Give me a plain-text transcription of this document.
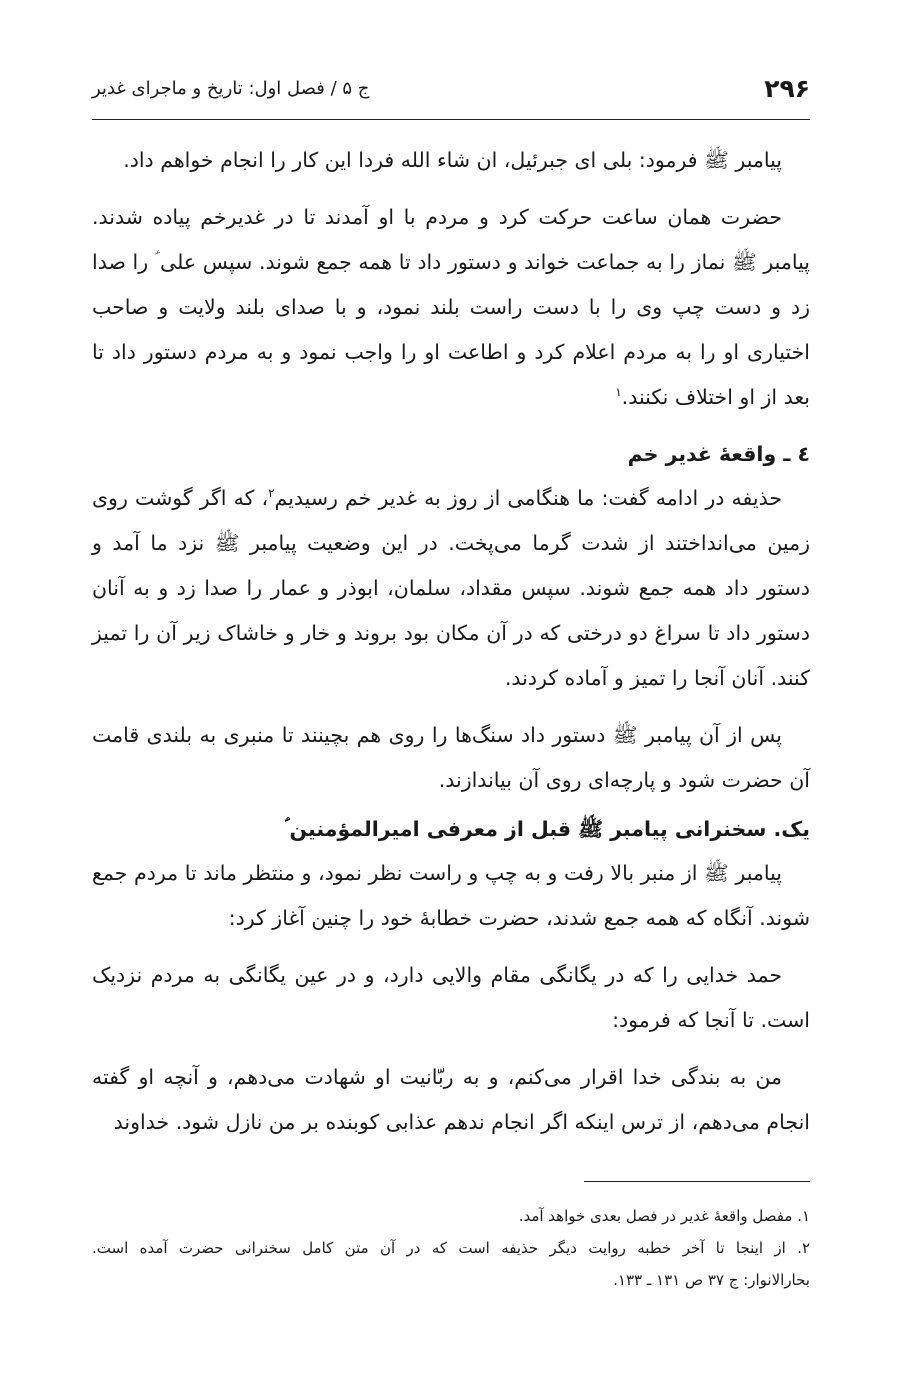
۲۹۶
ج ۵ / فصل اول: تاریخ و ماجرای غدیر

پیامبر ﷺ فرمود: بلی ای جبرئیل، ان شاء الله فردا این کار را انجام خواهم داد.

حضرت همان ساعت حرکت کرد و مردم با او آمدند تا در غدیرخم پیاده شدند. پیامبر ﷺ نماز را به جماعت خواند و دستور داد تا همه جمع شوند. سپس علی ؑ را صدا زد و دست چپ وی را با دست راست بلند نمود، و با صدای بلند ولایت و صاحب اختیاری او را به مردم اعلام کرد و اطاعت او را واجب نمود و به مردم دستور داد تا بعد از او اختلاف نکنند.$^۱$

٤ ـ واقعهٔ غدیر خم

حذیفه در ادامه گفت: ما هنگامی از روز به غدیر خم رسیدیم$^۲$، که اگر گوشت روی زمین می‌انداختند از شدت گرما می‌پخت. در این وضعیت پیامبر ﷺ نزد ما آمد و دستور داد همه جمع شوند. سپس مقداد، سلمان، ابوذر و عمار را صدا زد و به آنان دستور داد تا سراغ دو درختی که در آن مکان بود بروند و خار و خاشاک زیر آن را تمیز کنند. آنان آنجا را تمیز و آماده کردند.

پس از آن پیامبر ﷺ دستور داد سنگ‌ها را روی هم بچینند تا منبری به بلندی قامت آن حضرت شود و پارچه‌ای روی آن بیاندازند.

یک. سخنرانی پیامبر ﷺ قبل از معرفی امیرالمؤمنین ؑ

پیامبر ﷺ از منبر بالا رفت و به چپ و راست نظر نمود، و منتظر ماند تا مردم جمع شوند. آنگاه که همه جمع شدند، حضرت خطابهٔ خود را چنین آغاز کرد:

حمد خدایی را که در یگانگی مقام والایی دارد، و در عین یگانگی به مردم نزدیک است. تا آنجا که فرمود:

من به بندگی خدا اقرار می‌کنم، و به ربّانیت او شهادت می‌دهم، و آنچه او گفته انجام می‌دهم، از ترس اینکه اگر انجام ندهم عذابی کوبنده بر من نازل شود. خداوند

۱. مفصل واقعهٔ غدیر در فصل بعدی خواهد آمد.
۲. از اینجا تا آخر خطبه روایت دیگر حذیفه است که در آن متن کامل سخنرانی حضرت آمده است.
بحارالانوار: ج ۳۷ ص ۱۳۱ ـ ۱۳۳.
